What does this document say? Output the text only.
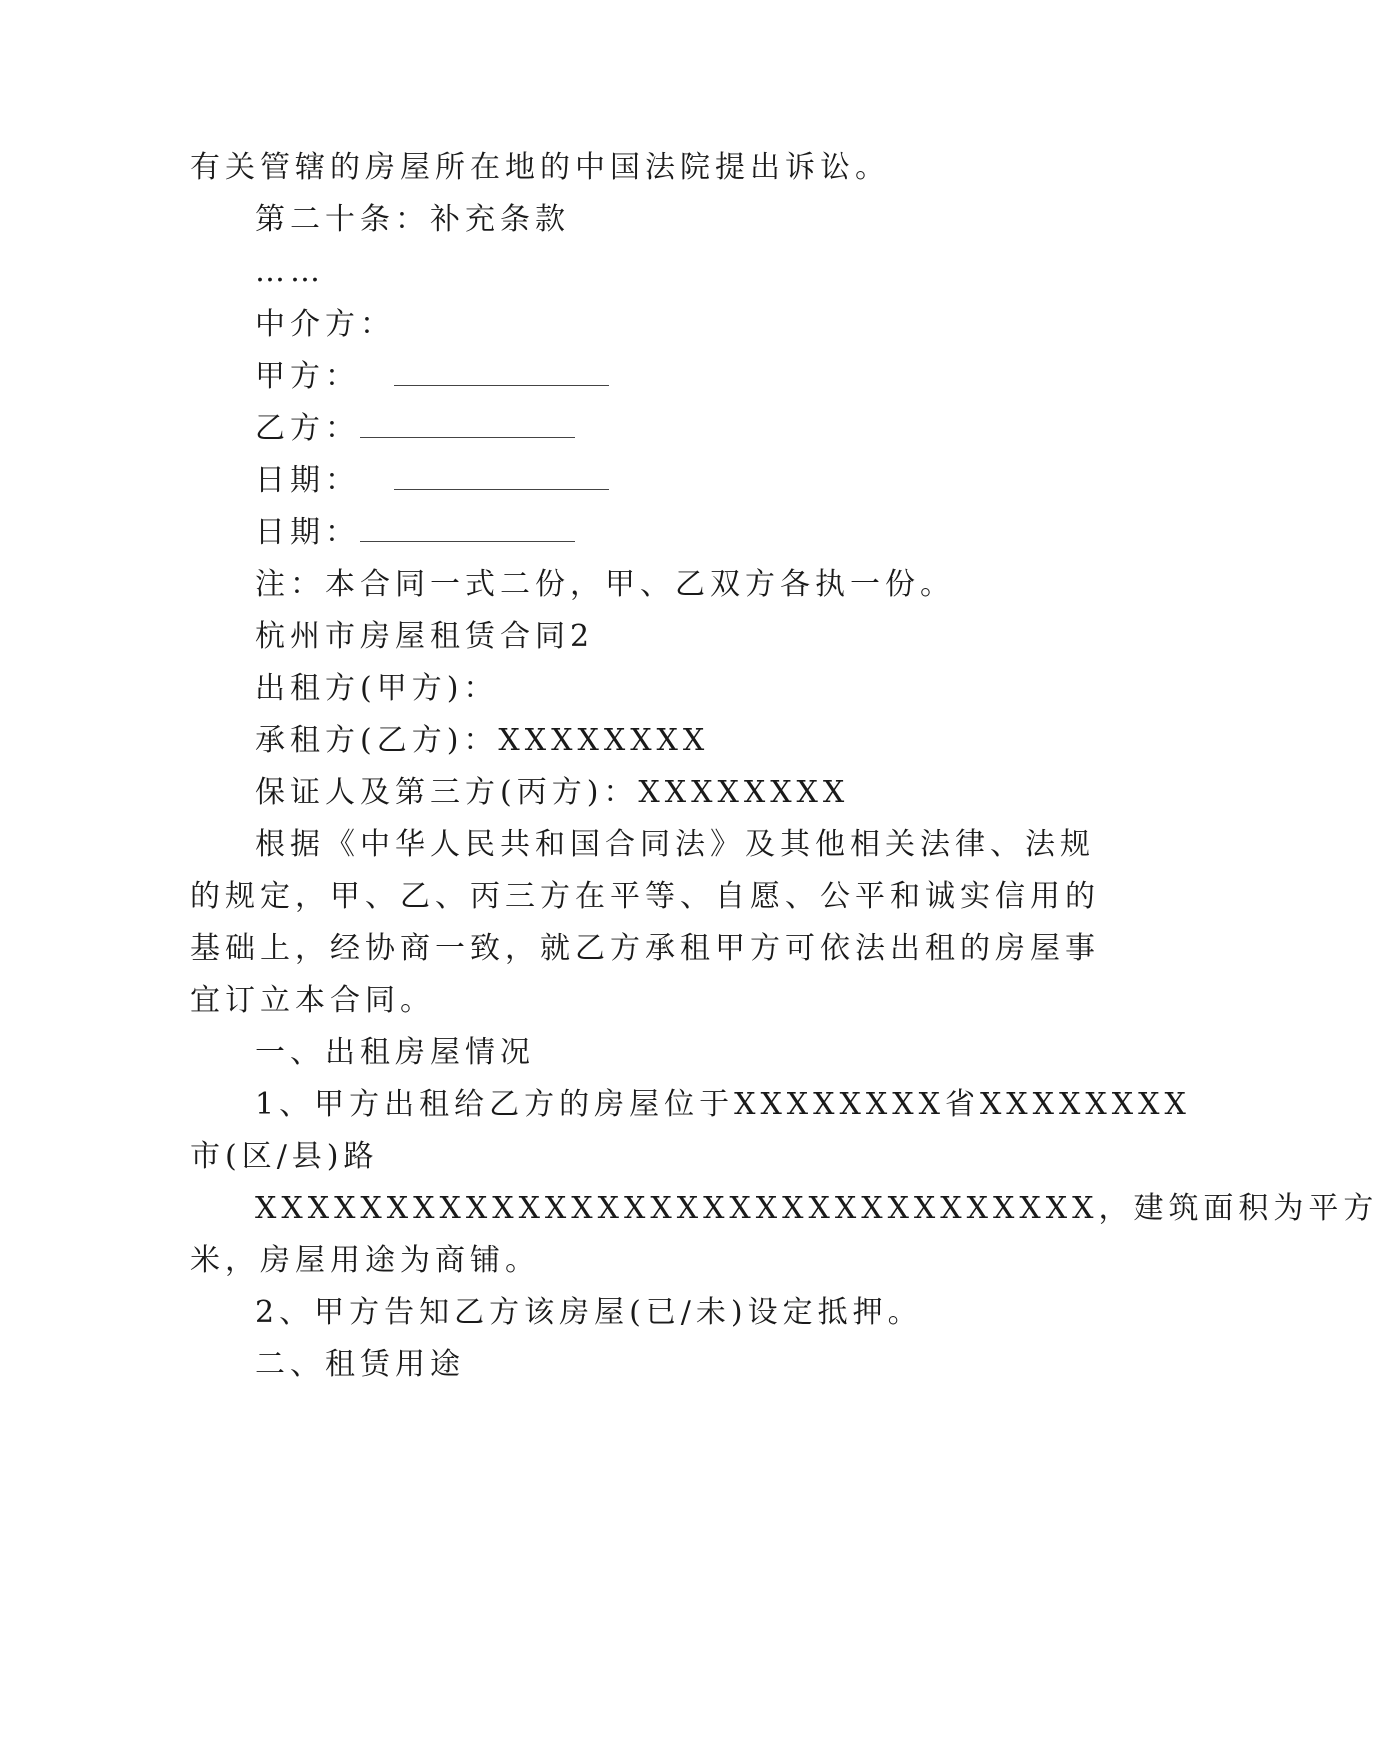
有关管辖的房屋所在地的中国法院提出诉讼。
第二十条：补充条款
……
中介方：
甲方：
乙方：
日期：
日期：
注：本合同一式二份，甲、乙双方各执一份。
杭州市房屋租赁合同2
出租方(甲方)：
承租方(乙方)：XXXXXXXX
保证人及第三方(丙方)：XXXXXXXX
根据《中华人民共和国合同法》及其他相关法律、法规
的规定，甲、乙、丙三方在平等、自愿、公平和诚实信用的
基础上，经协商一致，就乙方承租甲方可依法出租的房屋事
宜订立本合同。
一、出租房屋情况
1、甲方出租给乙方的房屋位于XXXXXXXX省XXXXXXXX
市(区/县)路
XXXXXXXXXXXXXXXXXXXXXXXXXXXXXXXX，建筑面积为平方
米，房屋用途为商铺。
2、甲方告知乙方该房屋(已/未)设定抵押。
二、租赁用途
